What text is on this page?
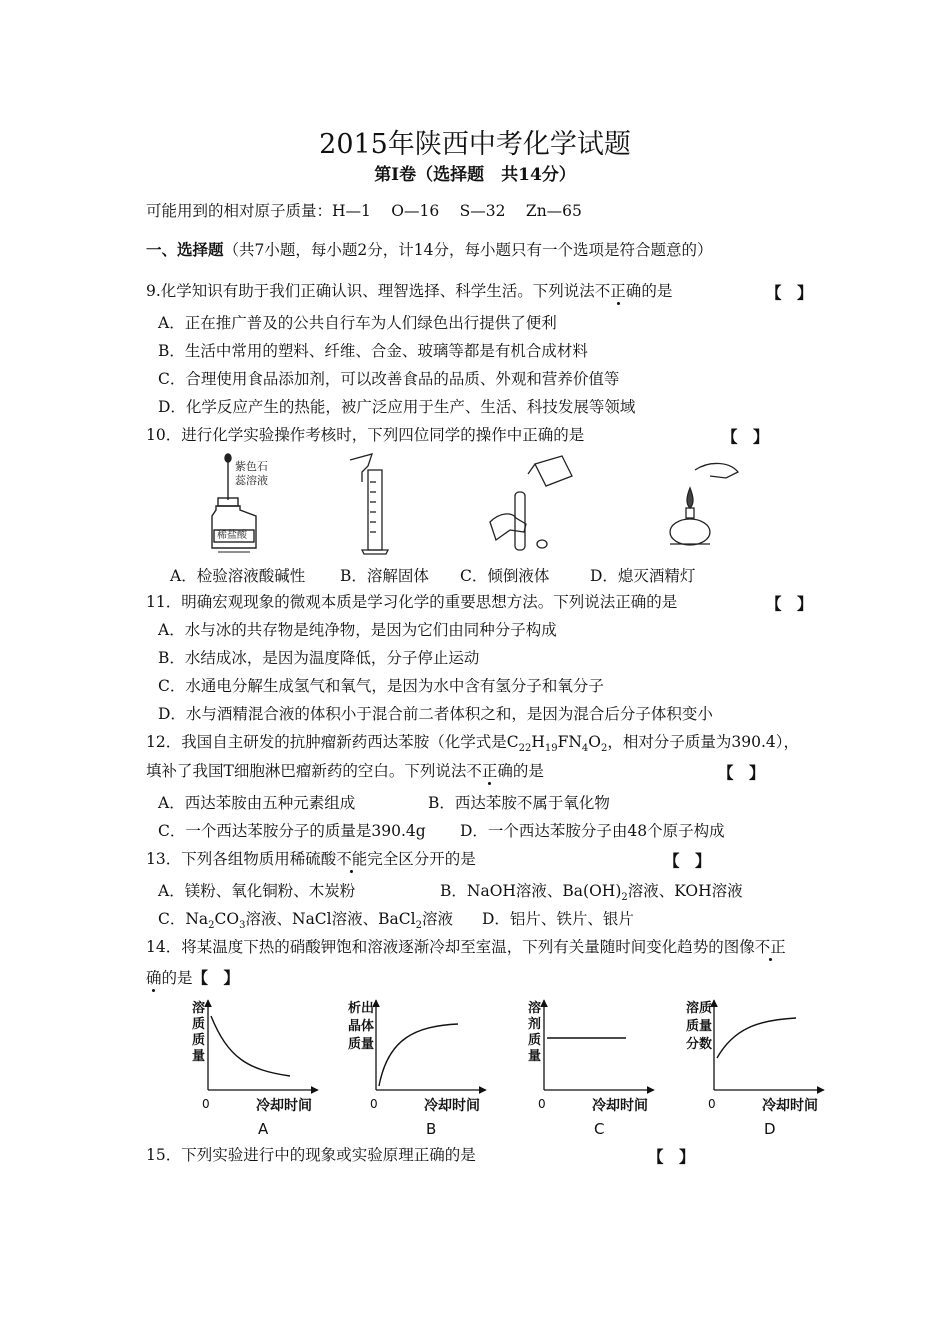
2015年陕西中考化学试题
第Ⅰ卷（选择题　共14分）
可能用到的相对原子质量：H—1　 O—16　 S—32　 Zn—65
一、选择题（共7小题，每小题2分，计14分，每小题只有一个选项是符合题意的）
9.化学知识有助于我们正确认识、理智选择、科学生活。下列说法不正确的是	【　】
A．正在推广普及的公共自行车为人们绿色出行提供了便利
B．生活中常用的塑料、纤维、合金、玻璃等都是有机合成材料
C．合理使用食品添加剂，可以改善食品的品质、外观和营养价值等
D．化学反应产生的热能，被广泛应用于生产、生活、科技发展等领域
10．进行化学实验操作考核时，下列四位同学的操作中正确的是	【　】
紫色石
蕊溶液
稀盐酸
A．检验溶液酸碱性 B．溶解固体 C．倾倒液体	D．熄灭酒精灯
11．明确宏观现象的微观本质是学习化学的重要思想方法。下列说法正确的是	【　】
A．水与冰的共存物是纯净物，是因为它们由同种分子构成
B．水结成冰，是因为温度降低，分子停止运动
C．水通电分解生成氢气和氧气，是因为水中含有氢分子和氧分子
D．水与酒精混合液的体积小于混合前二者体积之和，是因为混合后分子体积变小
12．我国自主研发的抗肿瘤新药西达苯胺（化学式是$C_{22}H_{19}FN_4O_2$，相对分子质量为390.4），
填补了我国T细胞淋巴瘤新药的空白。下列说法不正确的是	【　】
A．西达苯胺由五种元素组成	B．西达苯胺不属于氧化物
C．一个西达苯胺分子的质量是390.4g D．一个西达苯胺分子由48个原子构成
13．下列各组物质用稀硫酸不能完全区分开的是	【　】
A．镁粉、氧化铜粉、木炭粉	B．NaOH溶液、$Ba(OH)_2$溶液、KOH溶液
C．$Na_2CO_3$溶液、NaCl溶液、BaCl$_2$溶液 D．铝片、铁片、银片
14．将某温度下热的硝酸钾饱和溶液逐渐冷却至室温，下列有关量随时间变化趋势的图像不正
确的是【　】
溶
质
质
量
0	冷却时间
A
析出
晶体
质量
0	冷却时间
B
溶
剂
质
量
0	冷却时间
C
溶质
质量
分数
0	冷却时间
D
15．下列实验进行中的现象或实验原理正确的是	【　】
